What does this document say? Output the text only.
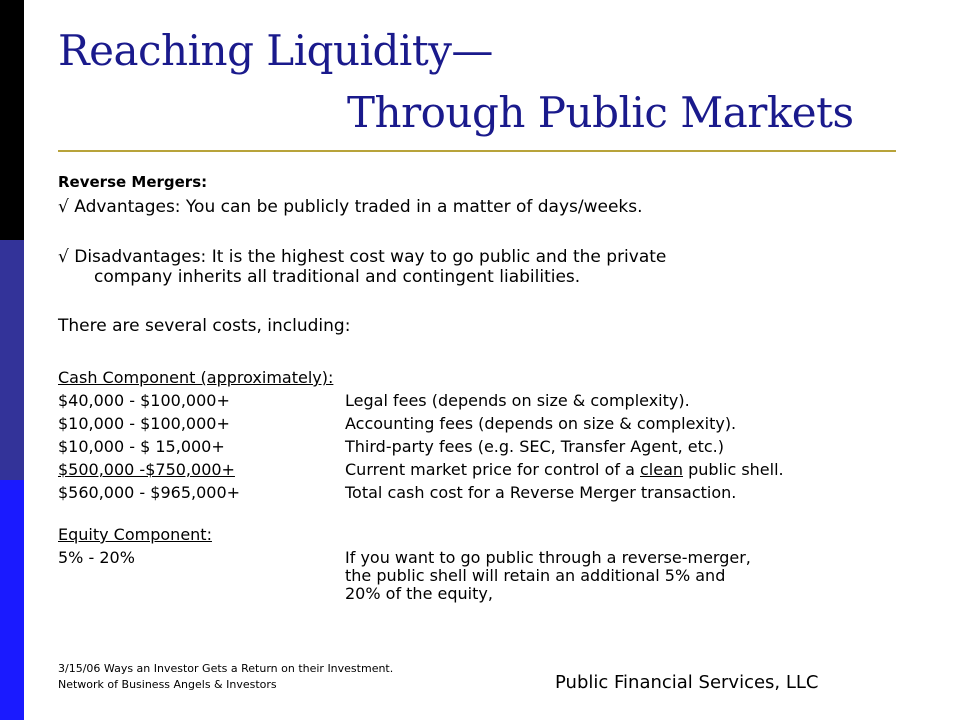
Reaching Liquidity—
Through Public Markets
Reverse Mergers:
√ Advantages: You can be publicly traded in a matter of days/weeks.
√ Disadvantages: It is the highest cost way to go public and the private
company inherits all traditional and contingent liabilities.
There are several costs, including:
Cash Component (approximately):
$40,000 - $100,000+	Legal fees (depends on size & complexity).
$10,000 - $100,000+	Accounting fees (depends on size & complexity).
$10,000 - $ 15,000+	Third-party fees (e.g. SEC, Transfer Agent, etc.)
$500,000 -$750,000+	Current market price for control of a clean public shell.
$560,000 - $965,000+	Total cash cost for a Reverse Merger transaction.
Equity Component:
5% - 20%	If you want to go public through a reverse-merger,
the public shell will retain an additional 5% and
20% of the equity,
3/15/06 Ways an Investor Gets a Return on their Investment.
Network of Business Angels & Investors	Public Financial Services, LLC
